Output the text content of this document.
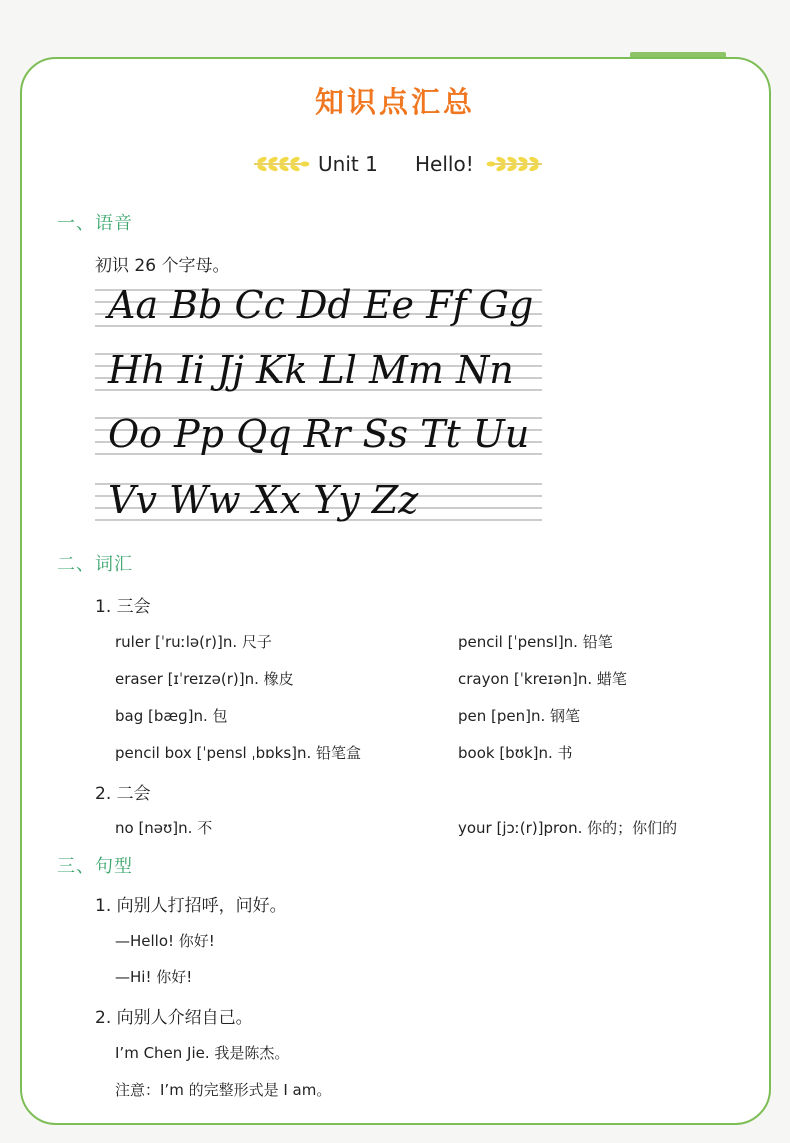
知识点汇总
Unit 1 Hello!
一、语音
初识 26 个字母。
Aa Bb Cc Dd Ee Ff Gg
Hh Ii Jj Kk Ll Mm Nn
Oo Pp Qq Rr Ss Tt Uu
Vv Ww Xx Yy Zz
二、词汇
1. 三会
ruler [ˈruːlə(r)]n. 尺子	pencil [ˈpensl]n. 铅笔
eraser [ɪˈreɪzə(r)]n. 橡皮	crayon [ˈkreɪən]n. 蜡笔
bag [bæɡ]n. 包	pen [pen]n. 钢笔
pencil box [ˈpensl ˌbɒks]n. 铅笔盒	book [bʊk]n. 书
2. 二会
no [nəʊ]n. 不	your [jɔː(r)]pron. 你的；你们的
三、句型
1. 向别人打招呼，问好。
—Hello! 你好!
—Hi! 你好!
2. 向别人介绍自己。
I’m Chen Jie. 我是陈杰。
注意：I’m 的完整形式是 I am。
